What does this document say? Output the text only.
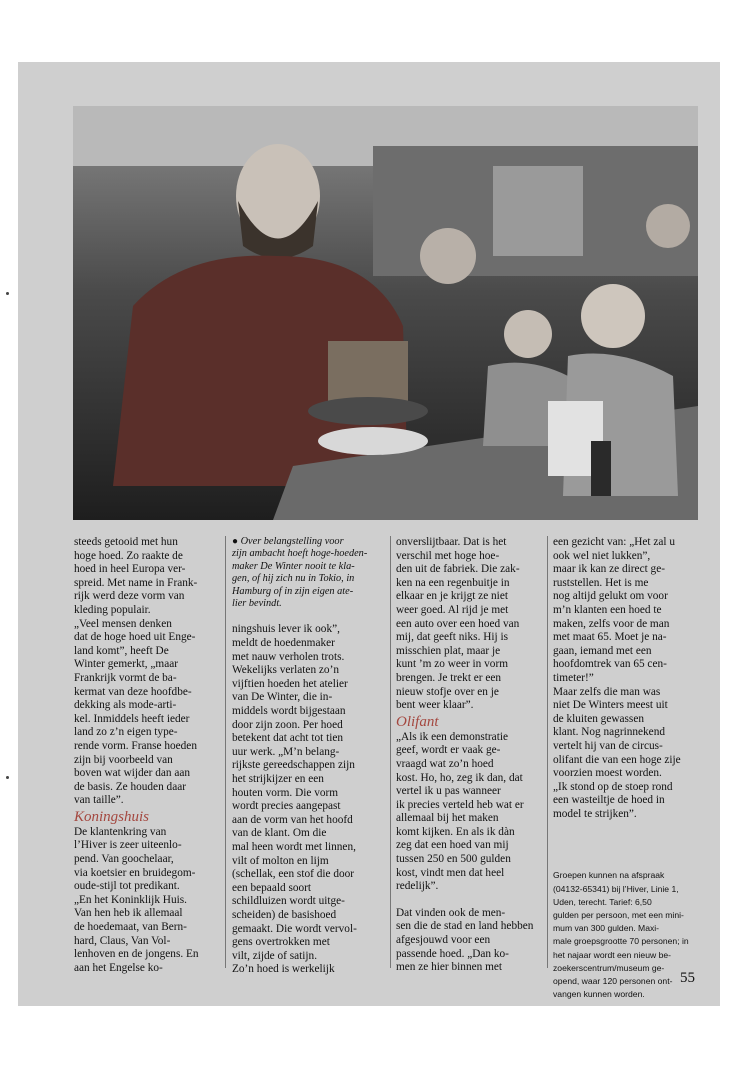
steeds getooid met hun

hoge hoed. Zo raakte de

hoed in heel Europa ver-

spreid. Met name in Frank-

rijk werd deze vorm van

kleding populair.

„Veel mensen denken

dat de hoge hoed uit Enge-

land komt”, heeft De

Winter gemerkt, „maar

Frankrijk vormt de ba-

kermat van deze hoofdbe-

dekking als mode-arti-

kel. Inmiddels heeft ieder

land zo z’n eigen type-

rende vorm. Franse hoeden

zijn bij voorbeeld van

boven wat wijder dan aan

de basis. Ze houden daar

van taille”.

Koningshuis

De klantenkring van

l’Hiver is zeer uiteenlo-

pend. Van goochelaar,

via koetsier en bruidegom-

oude-stijl tot predikant.

„En het Koninklijk Huis.

Van hen heb ik allemaal

de hoedemaat, van Bern-

hard, Claus, Van Vol-

lenhoven en de jongens. En

aan het Engelse ko-

● Over belangstelling voor

zijn ambacht hoeft hoge-hoeden-

maker De Winter nooit te kla-

gen, of hij zich nu in Tokio, in

Hamburg of in zijn eigen ate-

lier bevindt.

ningshuis lever ik ook”,

meldt de hoedenmaker

met nauw verholen trots.

Wekelijks verlaten zo’n

vijftien hoeden het atelier

van De Winter, die in-

middels wordt bijgestaan

door zijn zoon. Per hoed

betekent dat acht tot tien

uur werk. „M’n belang-

rijkste gereedschappen zijn

het strijkijzer en een

houten vorm. Die vorm

wordt precies aangepast

aan de vorm van het hoofd

van de klant. Om die

mal heen wordt met linnen,

vilt of molton en lijm

(schellak, een stof die door

een bepaald soort

schildluizen wordt uitge-

scheiden) de basishoed

gemaakt. Die wordt vervol-

gens overtrokken met

vilt, zijde of satijn.

Zo’n hoed is werkelijk

onverslijtbaar. Dat is het

verschil met hoge hoe-

den uit de fabriek. Die zak-

ken na een regenbuitje in

elkaar en je krijgt ze niet

weer goed. Al rijd je met

een auto over een hoed van

mij, dat geeft niks. Hij is

misschien plat, maar je

kunt ’m zo weer in vorm

brengen. Je trekt er een

nieuw stofje over en je

bent weer klaar”.

Olifant

„Als ik een demonstratie

geef, wordt er vaak ge-

vraagd wat zo’n hoed

kost. Ho, ho, zeg ik dan, dat

vertel ik u pas wanneer

ik precies verteld heb wat er

allemaal bij het maken

komt kijken. En als ik dàn

zeg dat een hoed van mij

tussen 250 en 500 gulden

kost, vindt men dat heel

redelijk”.

Dat vinden ook de men-

sen die de stad en land hebben

afgesjouwd voor een

passende hoed. „Dan ko-

men ze hier binnen met

een gezicht van: „Het zal u

ook wel niet lukken”,

maar ik kan ze direct ge-

ruststellen. Het is me

nog altijd gelukt om voor

m’n klanten een hoed te

maken, zelfs voor de man

met maat 65. Moet je na-

gaan, iemand met een

hoofdomtrek van 65 cen-

timeter!”

Maar zelfs die man was

niet De Winters meest uit

de kluiten gewassen

klant. Nog nagrinnekend

vertelt hij van de circus-

olifant die van een hoge zije

voorzien moest worden.

„Ik stond op de stoep rond

een wasteiltje de hoed in

model te strijken”.

Groepen kunnen na afspraak

(04132-65341) bij l’Hiver, Linie 1,

Uden, terecht. Tarief: 6,50

gulden per persoon, met een mini-

mum van 300 gulden. Maxi-

male groepsgrootte 70 personen; in

het najaar wordt een nieuw be-

zoekerscentrum/museum ge-

opend, waar 120 personen ont-

vangen kunnen worden.

55
